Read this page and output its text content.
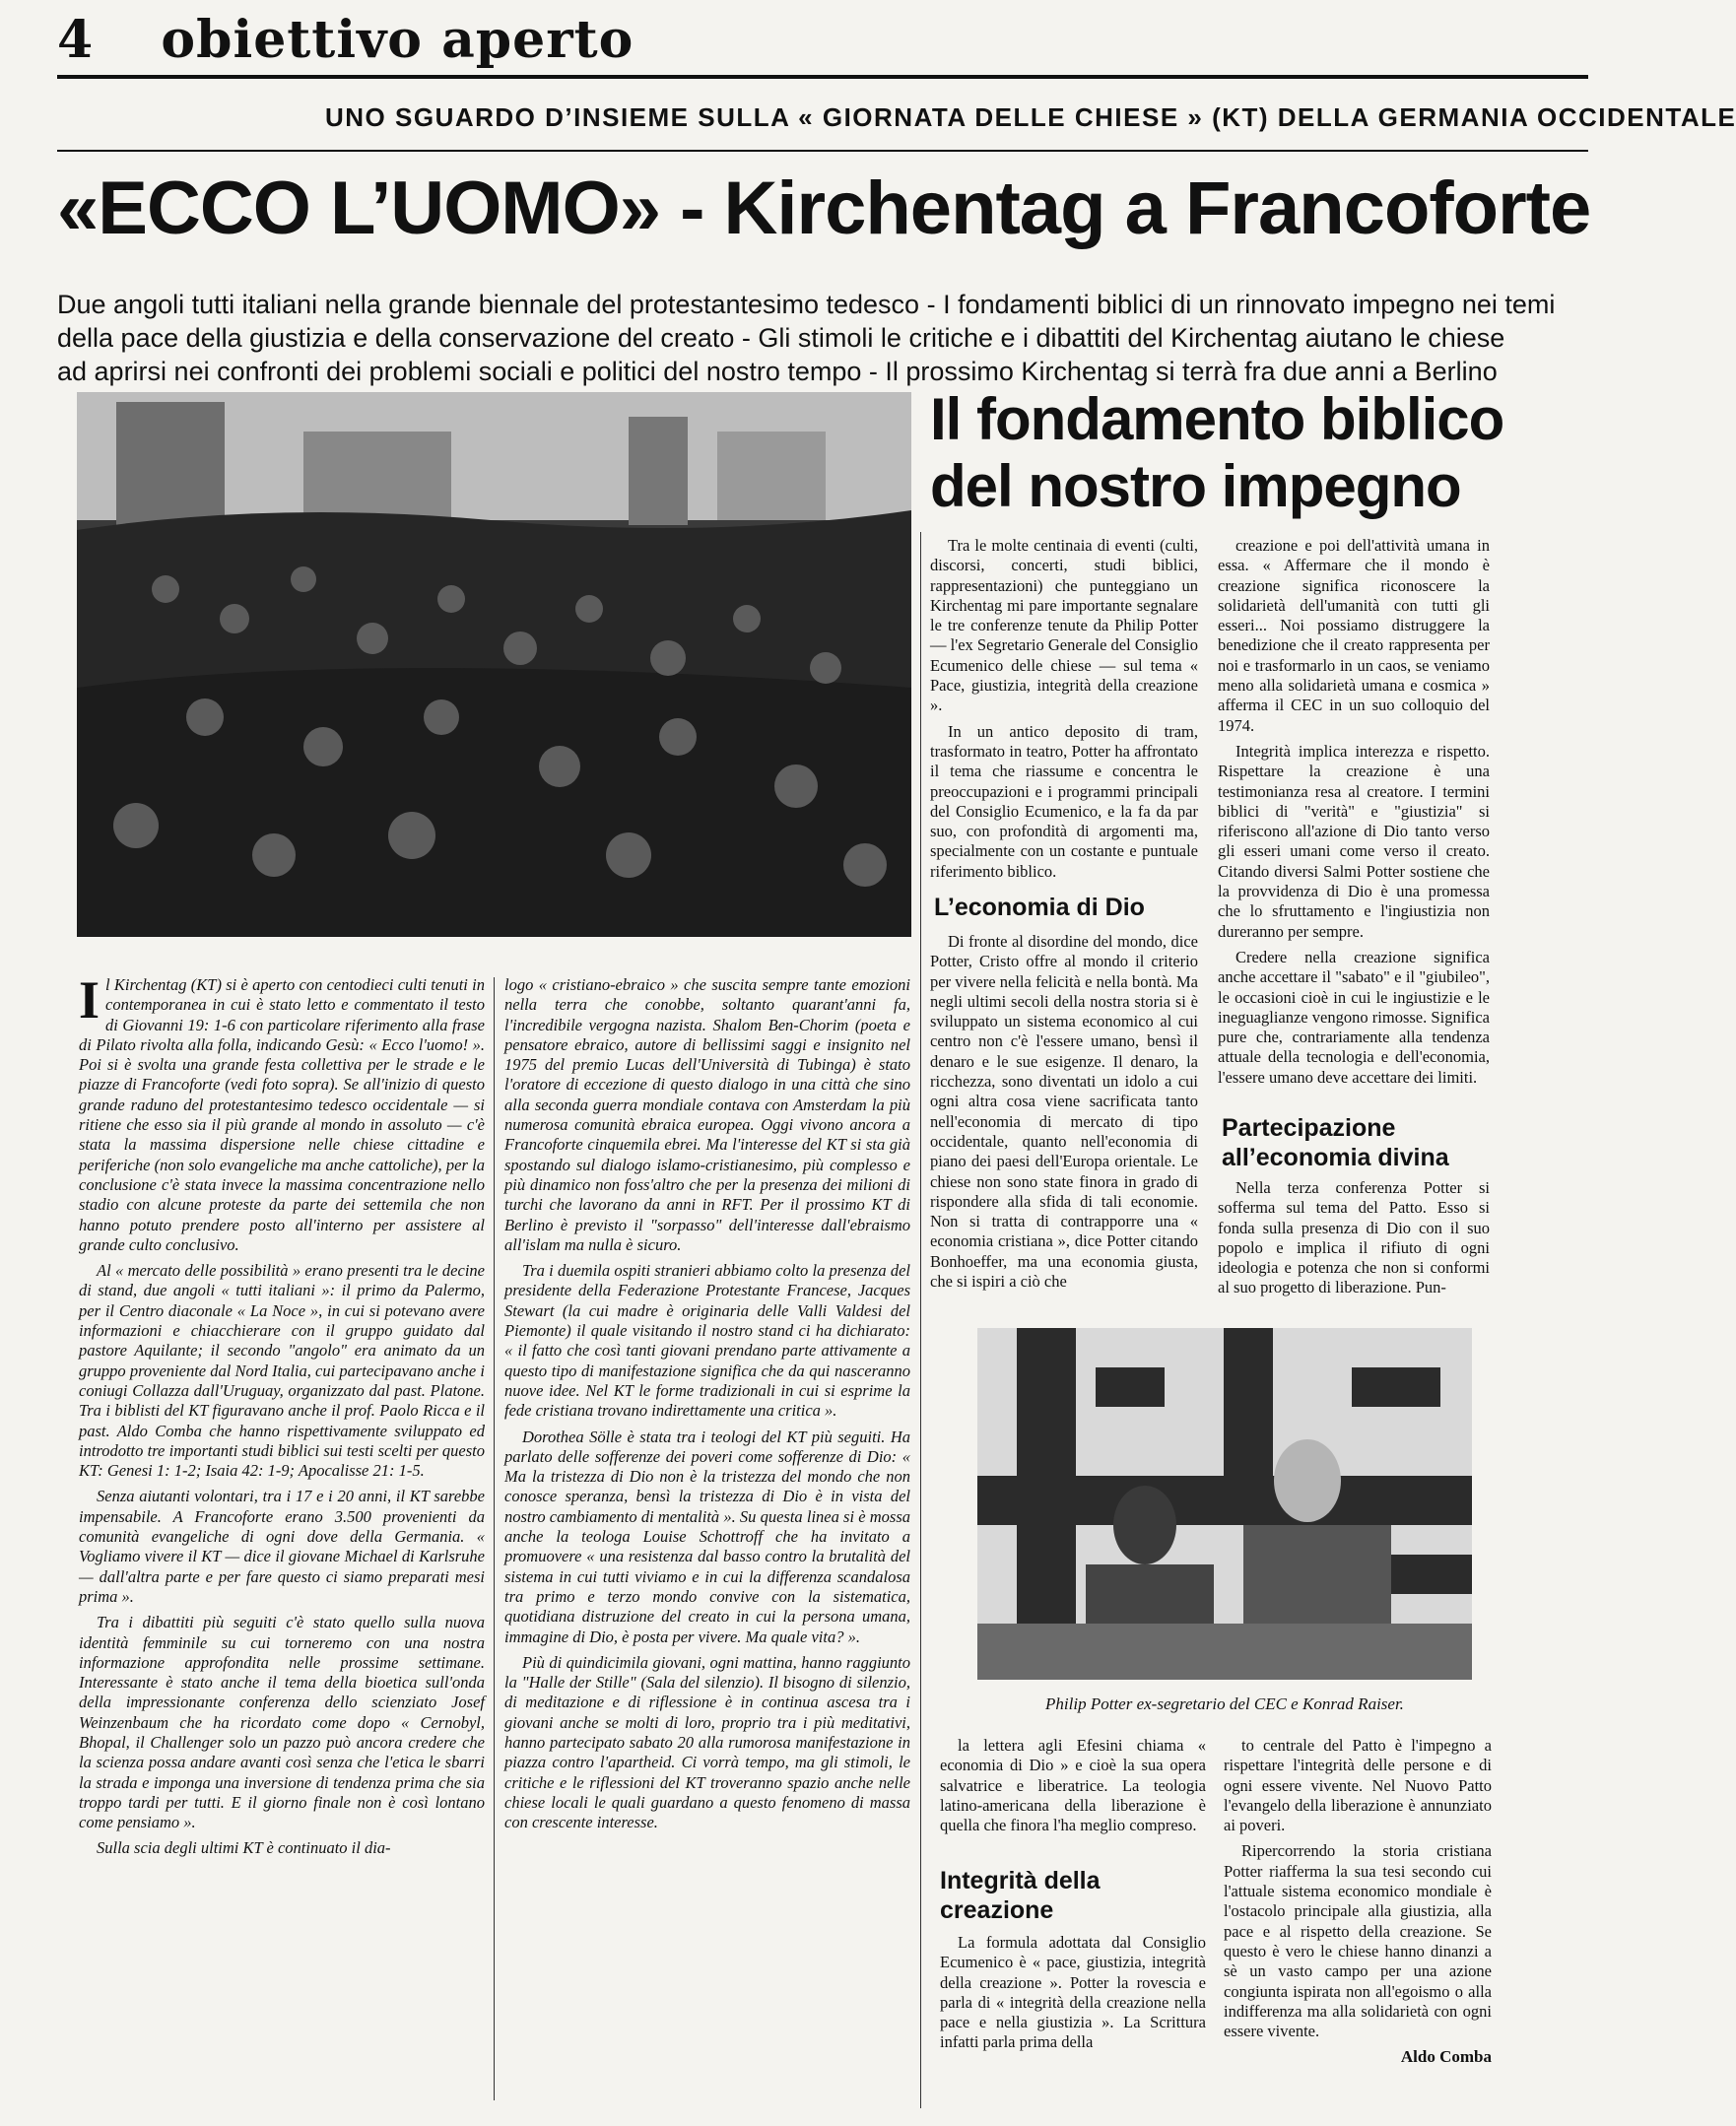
4 obiettivo aperto
UNO SGUARDO D’INSIEME SULLA « GIORNATA DELLE CHIESE » (KT) DELLA GERMANIA OCCIDENTALE
«ECCO L’UOMO» - Kirchentag a Francoforte
Due angoli tutti italiani nella grande biennale del protestantesimo tedesco - I fondamenti biblici di un rinnovato impegno nei temi
della pace della giustizia e della conservazione del creato - Gli stimoli le critiche e i dibattiti del Kirchentag aiutano le chiese
ad aprirsi nei confronti dei problemi sociali e politici del nostro tempo - Il prossimo Kirchentag si terrà fra due anni a Berlino
Il fondamento biblico
del nostro impegno

Tra le molte centinaia di eventi (culti, discorsi, concerti, studi biblici, rappresentazioni) che punteggiano un Kirchentag mi pare importante segnalare le tre conferenze tenute da Philip Potter — l'ex Segretario Generale del Consiglio Ecumenico delle chiese — sul tema « Pace, giustizia, integrità della creazione ».

In un antico deposito di tram, trasformato in teatro, Potter ha affrontato il tema che riassume e concentra le preoccupazioni e i programmi principali del Consiglio Ecumenico, e la fa da par suo, con profondità di argomenti ma, specialmente con un costante e puntuale riferimento biblico.

L’economia di Dio

Di fronte al disordine del mondo, dice Potter, Cristo offre al mondo il criterio per vivere nella felicità e nella bontà. Ma negli ultimi secoli della nostra storia si è sviluppato un sistema economico al cui centro non c'è l'essere umano, bensì il denaro e le sue esigenze. Il denaro, la ricchezza, sono diventati un idolo a cui ogni altra cosa viene sacrificata tanto nell'economia di mercato di tipo occidentale, quanto nell'economia di piano dei paesi dell'Europa orientale. Le chiese non sono state finora in grado di rispondere alla sfida di tali economie. Non si tratta di contrapporre una « economia cristiana », dice Potter citando Bonhoeffer, ma una economia giusta, che si ispiri a ciò che

creazione e poi dell'attività umana in essa. « Affermare che il mondo è creazione significa riconoscere la solidarietà dell'umanità con tutti gli esseri... Noi possiamo distruggere la benedizione che il creato rappresenta per noi e trasformarlo in un caos, se veniamo meno alla solidarietà umana e cosmica » afferma il CEC in un suo colloquio del 1974.

Integrità implica interezza e rispetto. Rispettare la creazione è una testimonianza resa al creatore. I termini biblici di "verità" e "giustizia" si riferiscono all'azione di Dio tanto verso gli esseri umani come verso il creato. Citando diversi Salmi Potter sostiene che la provvidenza di Dio è una promessa che lo sfruttamento e l'ingiustizia non dureranno per sempre.

Credere nella creazione significa anche accettare il "sabato" e il "giubileo", le occasioni cioè in cui le ingiustizie e le ineguaglianze vengono rimosse. Significa pure che, contrariamente alla tendenza attuale della tecnologia e dell'economia, l'essere umano deve accettare dei limiti.

Partecipazione
all’economia divina

Nella terza conferenza Potter si sofferma sul tema del Patto. Esso si fonda sulla presenza di Dio con il suo popolo e implica il rifiuto di ogni ideologia e potenza che non si conformi al suo progetto di liberazione. Pun-

Philip Potter ex-segretario del CEC e Konrad Raiser.

la lettera agli Efesini chiama « economia di Dio » e cioè la sua opera salvatrice e liberatrice. La teologia latino-americana della liberazione è quella che finora l'ha meglio compreso.

Integrità della
creazione

La formula adottata dal Consiglio Ecumenico è « pace, giustizia, integrità della creazione ». Potter la rovescia e parla di « integrità della creazione nella pace e nella giustizia ». La Scrittura infatti parla prima della

to centrale del Patto è l'impegno a rispettare l'integrità delle persone e di ogni essere vivente. Nel Nuovo Patto l'evangelo della liberazione è annunziato ai poveri.

Ripercorrendo la storia cristiana Potter riafferma la sua tesi secondo cui l'attuale sistema economico mondiale è l'ostacolo principale alla giustizia, alla pace e al rispetto della creazione. Se questo è vero le chiese hanno dinanzi a sè un vasto campo per una azione congiunta ispirata non all'egoismo o alla indifferenza ma alla solidarietà con ogni essere vivente.

Aldo Comba

Il Kirchentag (KT) si è aperto con centodieci culti tenuti in contemporanea in cui è stato letto e commentato il testo di Giovanni 19: 1-6 con particolare riferimento alla frase di Pilato rivolta alla folla, indicando Gesù: « Ecco l'uomo! ». Poi si è svolta una grande festa collettiva per le strade e le piazze di Francoforte (vedi foto sopra). Se all'inizio di questo grande raduno del protestantesimo tedesco occidentale — si ritiene che esso sia il più grande al mondo in assoluto — c'è stata la massima dispersione nelle chiese cittadine e periferiche (non solo evangeliche ma anche cattoliche), per la conclusione c'è stata invece la massima concentrazione nello stadio con alcune proteste da parte dei settemila che non hanno potuto prendere posto all'interno per assistere al grande culto conclusivo.

Al « mercato delle possibilità » erano presenti tra le decine di stand, due angoli « tutti italiani »: il primo da Palermo, per il Centro diaconale « La Noce », in cui si potevano avere informazioni e chiacchierare con il gruppo guidato dal pastore Aquilante; il secondo "angolo" era animato da un gruppo proveniente dal Nord Italia, cui partecipavano anche i coniugi Collazza dall'Uruguay, organizzato dal past. Platone. Tra i biblisti del KT figuravano anche il prof. Paolo Ricca e il past. Aldo Comba che hanno rispettivamente sviluppato ed introdotto tre importanti studi biblici sui testi scelti per questo KT: Genesi 1: 1-2; Isaia 42: 1-9; Apocalisse 21: 1-5.

Senza aiutanti volontari, tra i 17 e i 20 anni, il KT sarebbe impensabile. A Francoforte erano 3.500 provenienti da comunità evangeliche di ogni dove della Germania. « Vogliamo vivere il KT — dice il giovane Michael di Karlsruhe — dall'altra parte e per fare questo ci siamo preparati mesi prima ».

Tra i dibattiti più seguiti c'è stato quello sulla nuova identità femminile su cui torneremo con una nostra informazione approfondita nelle prossime settimane. Interessante è stato anche il tema della bioetica sull'onda della impressionante conferenza dello scienziato Josef Weinzenbaum che ha ricordato come dopo « Cernobyl, Bhopal, il Challenger solo un pazzo può ancora credere che la scienza possa andare avanti così senza che l'etica le sbarri la strada e imponga una inversione di tendenza prima che sia troppo tardi per tutti. E il giorno finale non è così lontano come pensiamo ».

Sulla scia degli ultimi KT è continuato il dia-

logo « cristiano-ebraico » che suscita sempre tante emozioni nella terra che conobbe, soltanto quarant'anni fa, l'incredibile vergogna nazista. Shalom Ben-Chorim (poeta e pensatore ebraico, autore di bellissimi saggi e insignito nel 1975 del premio Lucas dell'Università di Tubinga) è stato l'oratore di eccezione di questo dialogo in una città che sino alla seconda guerra mondiale contava con Amsterdam la più numerosa comunità ebraica europea. Oggi vivono ancora a Francoforte cinquemila ebrei. Ma l'interesse del KT si sta già spostando sul dialogo islamo-cristianesimo, più complesso e più dinamico non foss'altro che per la presenza dei milioni di turchi che lavorano da anni in RFT. Per il prossimo KT di Berlino è previsto il "sorpasso" dell'interesse dall'ebraismo all'islam ma nulla è sicuro.

Tra i duemila ospiti stranieri abbiamo colto la presenza del presidente della Federazione Protestante Francese, Jacques Stewart (la cui madre è originaria delle Valli Valdesi del Piemonte) il quale visitando il nostro stand ci ha dichiarato: « il fatto che così tanti giovani prendano parte attivamente a questo tipo di manifestazione significa che da qui nasceranno nuove idee. Nel KT le forme tradizionali in cui si esprime la fede cristiana trovano indirettamente una critica ».

Dorothea Sölle è stata tra i teologi del KT più seguiti. Ha parlato delle sofferenze dei poveri come sofferenze di Dio: « Ma la tristezza di Dio non è la tristezza del mondo che non conosce speranza, bensì la tristezza di Dio è in vista del nostro cambiamento di mentalità ». Su questa linea si è mossa anche la teologa Louise Schottroff che ha invitato a promuovere « una resistenza dal basso contro la brutalità del sistema in cui tutti viviamo e in cui la differenza scandalosa tra primo e terzo mondo convive con la sistematica, quotidiana distruzione del creato in cui la persona umana, immagine di Dio, è posta per vivere. Ma quale vita? ».

Più di quindicimila giovani, ogni mattina, hanno raggiunto la "Halle der Stille" (Sala del silenzio). Il bisogno di silenzio, di meditazione e di riflessione è in continua ascesa tra i giovani anche se molti di loro, proprio tra i più meditativi, hanno partecipato sabato 20 alla rumorosa manifestazione in piazza contro l'apartheid. Ci vorrà tempo, ma gli stimoli, le critiche e le riflessioni del KT troveranno spazio anche nelle chiese locali le quali guardano a questo fenomeno di massa con crescente interesse.
